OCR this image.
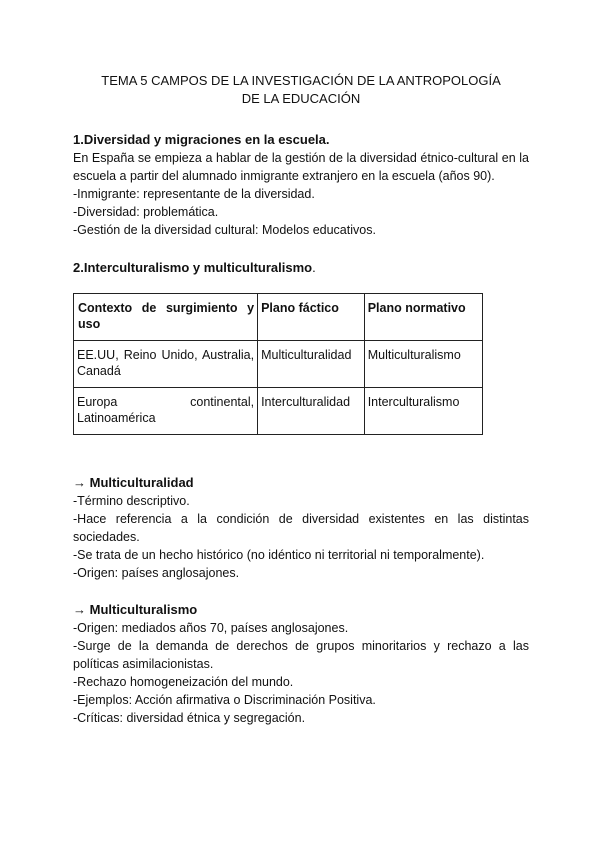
TEMA 5 CAMPOS DE LA INVESTIGACIÓN DE LA ANTROPOLOGÍA
DE LA EDUCACIÓN
1.Diversidad y migraciones en la escuela.

En España se empieza a hablar de la gestión de la diversidad étnico-cultural en la escuela a partir del alumnado inmigrante extranjero en la escuela (años 90).

-Inmigrante: representante de la diversidad.
-Diversidad: problemática.
-Gestión de la diversidad cultural: Modelos educativos.
2.Interculturalismo y multiculturalismo.
Contexto de surgimiento y uso	Plano fáctico	Plano normativo
EE.UU, Reino Unido, Australia, Canadá	Multiculturalidad	Multiculturalismo
Europa continental, Latinoamérica	Interculturalidad	Interculturalismo
→ Multiculturalidad
-Término descriptivo.

-Hace referencia a la condición de diversidad existentes en las distintas sociedades.

-Se trata de un hecho histórico (no idéntico ni territorial ni temporalmente).
-Origen: países anglosajones.
→ Multiculturalismo
-Origen: mediados años 70, países anglosajones.

-Surge de la demanda de derechos de grupos minoritarios y rechazo a las políticas asimilacionistas.

-Rechazo homogeneización del mundo.
-Ejemplos: Acción afirmativa o Discriminación Positiva.
-Críticas: diversidad étnica y segregación.
